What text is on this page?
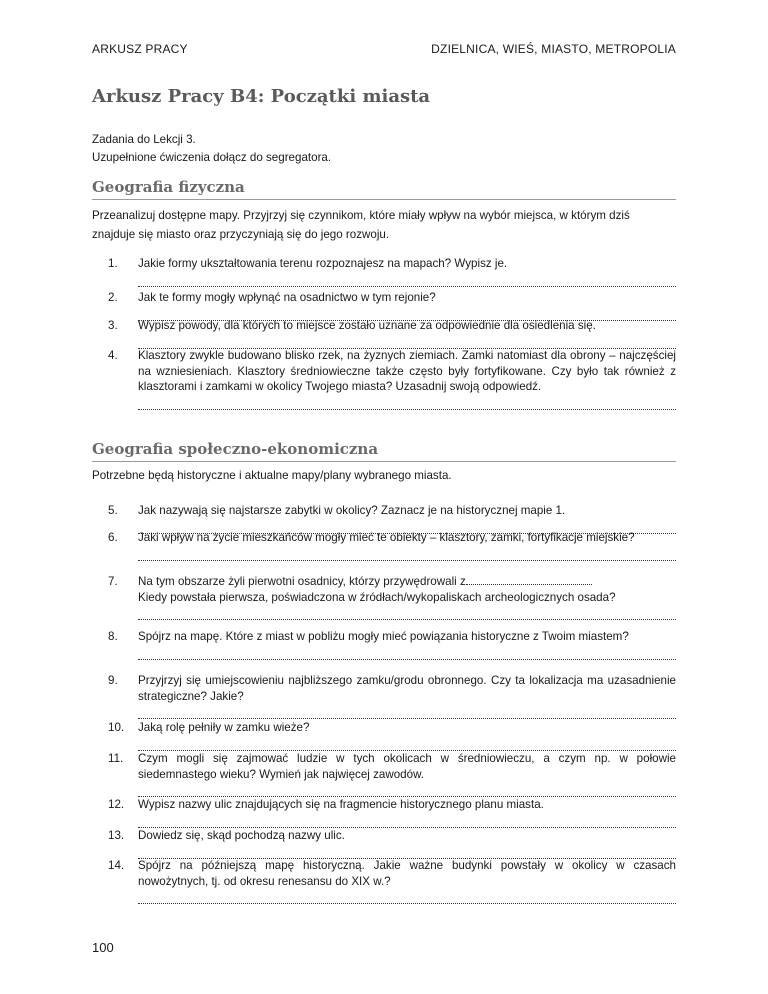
ARKUSZ PRACY	DZIELNICA, WIEŚ, MIASTO, METROPOLIA
Arkusz Pracy B4: Początki miasta
Zadania do Lekcji 3.
Uzupełnione ćwiczenia dołącz do segregatora.
Geografia fizyczna
Przeanalizuj dostępne mapy. Przyjrzyj się czynnikom, które miały wpływ na wybór miejsca, w którym dziś znajduje się miasto oraz przyczyniają się do jego rozwoju.
1. Jakie formy ukształtowania terenu rozpoznajesz na mapach? Wypisz je.
2. Jak te formy mogły wpłynąć na osadnictwo w tym rejonie?
3. Wypisz powody, dla których to miejsce zostało uznane za odpowiednie dla osiedlenia się.
4. Klasztory zwykle budowano blisko rzek, na żyznych ziemiach. Zamki natomiast dla obrony – najczęściej na wzniesieniach. Klasztory średniowieczne także często były fortyfikowane. Czy było tak również z klasztorami i zamkami w okolicy Twojego miasta? Uzasadnij swoją odpowiedź.
Geografia społeczno-ekonomiczna
Potrzebne będą historyczne i aktualne mapy/plany wybranego miasta.
5. Jak nazywają się najstarsze zabytki w okolicy? Zaznacz je na historycznej mapie 1.
6. Jaki wpływ na życie mieszkańców mogły mieć te obiekty – klasztory, zamki, fortyfikacje miejskie?
7. Na tym obszarze żyli pierwotni osadnicy, którzy przywędrowali z
Kiedy powstała pierwsza, poświadczona w źródłach/wykopaliskach archeologicznych osada?
8. Spójrz na mapę. Które z miast w pobliżu mogły mieć powiązania historyczne z Twoim miastem?
9. Przyjrzyj się umiejscowieniu najbliższego zamku/grodu obronnego. Czy ta lokalizacja ma uzasadnienie strategiczne? Jakie?
10. Jaką rolę pełniły w zamku wieże?
11. Czym mogli się zajmować ludzie w tych okolicach w średniowieczu, a czym np. w połowie siedemnastego wieku? Wymień jak najwięcej zawodów.
12. Wypisz nazwy ulic znajdujących się na fragmencie historycznego planu miasta.
13. Dowiedz się, skąd pochodzą nazwy ulic.
14. Spójrz na późniejszą mapę historyczną. Jakie ważne budynki powstały w okolicy w czasach nowożytnych, tj. od okresu renesansu do XIX w.?
100
